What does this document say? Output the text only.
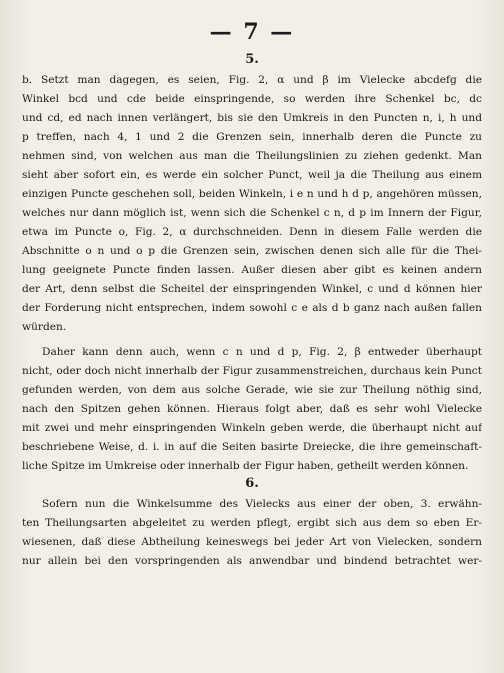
— 7 —
5.
b. Setzt man dagegen, es seien, Fig. 2, α und β im Vielecke abcdefg die
Winkel bcd und cde beide einspringende, so werden ihre Schenkel bc, dc
und cd, ed nach innen verlängert, bis sie den Umkreis in den Puncten n, i, h und
p treffen, nach 4, 1 und 2 die Grenzen sein, innerhalb deren die Puncte zu
nehmen sind, von welchen aus man die Theilungslinien zu ziehen gedenkt. Man
sieht aber sofort ein, es werde ein solcher Punct, weil ja die Theilung aus einem
einzigen Puncte geschehen soll, beiden Winkeln, i e n und h d p, angehören müssen,
welches nur dann möglich ist, wenn sich die Schenkel c n, d p im Innern der Figur,
etwa im Puncte o, Fig. 2, α durchschneiden. Denn in diesem Falle werden die
Abschnitte o n und o p die Grenzen sein, zwischen denen sich alle für die Thei-
lung geeignete Puncte finden lassen. Außer diesen aber gibt es keinen andern
der Art, denn selbst die Scheitel der einspringenden Winkel, c und d können hier
der Forderung nicht entsprechen, indem sowohl c e als d b ganz nach außen fallen
würden.
Daher kann denn auch, wenn c n und d p, Fig. 2, β entweder überhaupt
nicht, oder doch nicht innerhalb der Figur zusammenstreichen, durchaus kein Punct
gefunden werden, von dem aus solche Gerade, wie sie zur Theilung nöthig sind,
nach den Spitzen gehen können. Hieraus folgt aber, daß es sehr wohl Vielecke
mit zwei und mehr einspringenden Winkeln geben werde, die überhaupt nicht auf
beschriebene Weise, d. i. in auf die Seiten basirte Dreiecke, die ihre gemeinschaft-
liche Spitze im Umkreise oder innerhalb der Figur haben, getheilt werden können.
6.
Sofern nun die Winkelsumme des Vielecks aus einer der oben, 3. erwähn-
ten Theilungsarten abgeleitet zu werden pflegt, ergibt sich aus dem so eben Er-
wiesenen, daß diese Abtheilung keineswegs bei jeder Art von Vielecken, sondern
nur allein bei den vorspringenden als anwendbar und bindend betrachtet wer-
